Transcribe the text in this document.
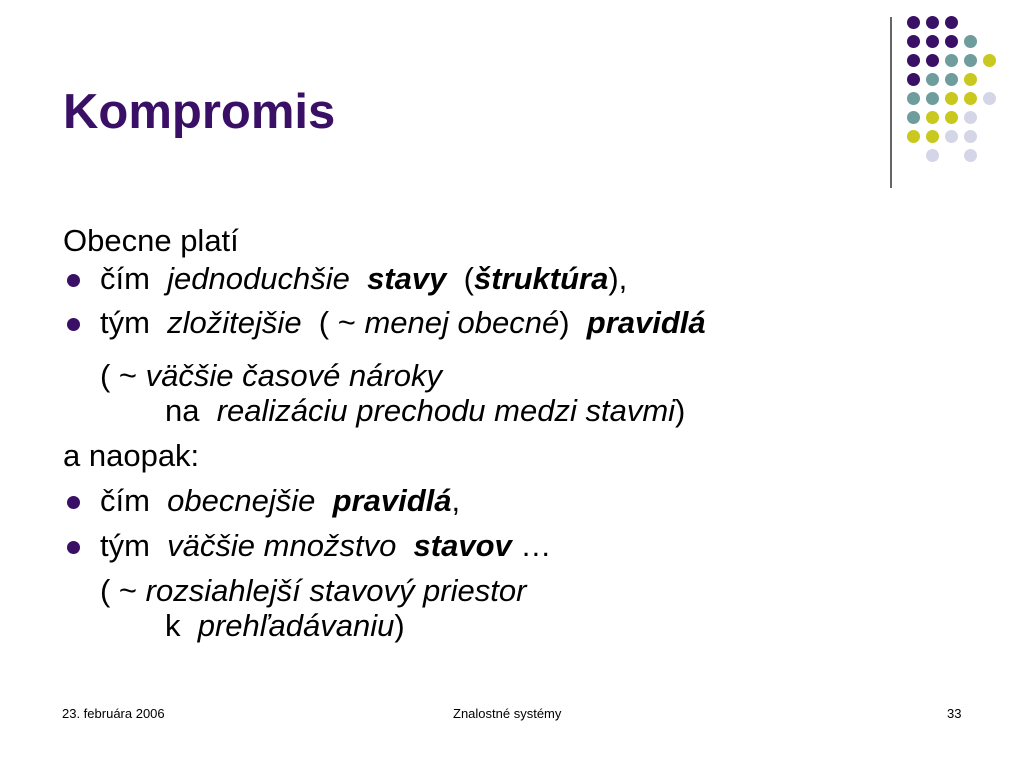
Kompromis
Obecne platí
čím jednoduchšie stavy (štruktúra),
tým zložitejšie ( ~ menej obecné) pravidlá
( ~ väčšie časové nároky
na realizáciu prechodu medzi stavmi)
a naopak:
čím obecnejšie pravidlá,
tým väčšie množstvo stavov …
( ~ rozsiahlejší stavový priestor
k prehľadávaniu)
23. februára 2006	Znalostné systémy	33
